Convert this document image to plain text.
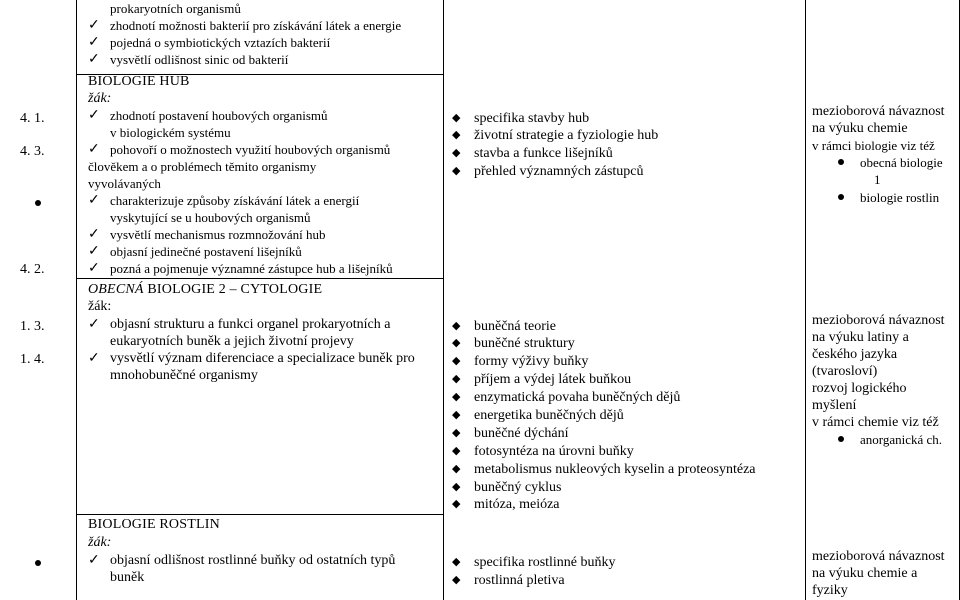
4. 1.
4. 3.
4. 2.
1. 3.
1. 4.
prokaryotních organismů
✓ zhodnotí možnosti bakterií pro získávání látek a energie
✓ pojedná o symbiotických vztazích bakterií
✓ vysvětlí odlišnost sinic od bakterií
BIOLOGIE HUB
žák:
✓ zhodnotí postavení houbových organismů
v biologickém systému
✓ pohovoří o možnostech využití houbových organismů
člověkem a o problémech těmito organismy
vyvolávaných
✓ charakterizuje způsoby získávání látek a energií
vyskytující se u houbových organismů
✓ vysvětlí mechanismus rozmnožování hub
✓ objasní jedinečné postavení lišejníků
✓ pozná a pojmenuje významné zástupce hub a lišejníků
OBECNÁ BIOLOGIE 2 – CYTOLOGIE
žák:
✓ objasní strukturu a funkci organel prokaryotních a
eukaryotních buněk a jejich životní projevy
✓ vysvětlí význam diferenciace a specializace buněk pro
mnohobuněčné organismy
BIOLOGIE ROSTLIN
žák:
✓ objasní odlišnost rostlinné buňky od ostatních typů
buněk
◆ specifika stavby hub
◆ životní strategie a fyziologie hub
◆ stavba a funkce lišejníků
◆ přehled významných zástupců
◆ buněčná teorie
◆ buněčné struktury
◆ formy výživy buňky
◆ příjem a výdej látek buňkou
◆ enzymatická povaha buněčných dějů
◆ energetika buněčných dějů
◆ buněčné dýchání
◆ fotosyntéza na úrovni buňky
◆ metabolismus nukleových kyselin a proteosyntéza
◆ buněčný cyklus
◆ mitóza, meióza
◆ specifika rostlinné buňky
◆ rostlinná pletiva
mezioborová návaznost
na výuku chemie
v rámci biologie viz též
obecná biologie
1
biologie rostlin
mezioborová návaznost
na výuku latiny a
českého jazyka
(tvarosloví)
rozvoj logického
myšlení
v rámci chemie viz též
anorganická ch.
mezioborová návaznost
na výuku chemie a
fyziky
